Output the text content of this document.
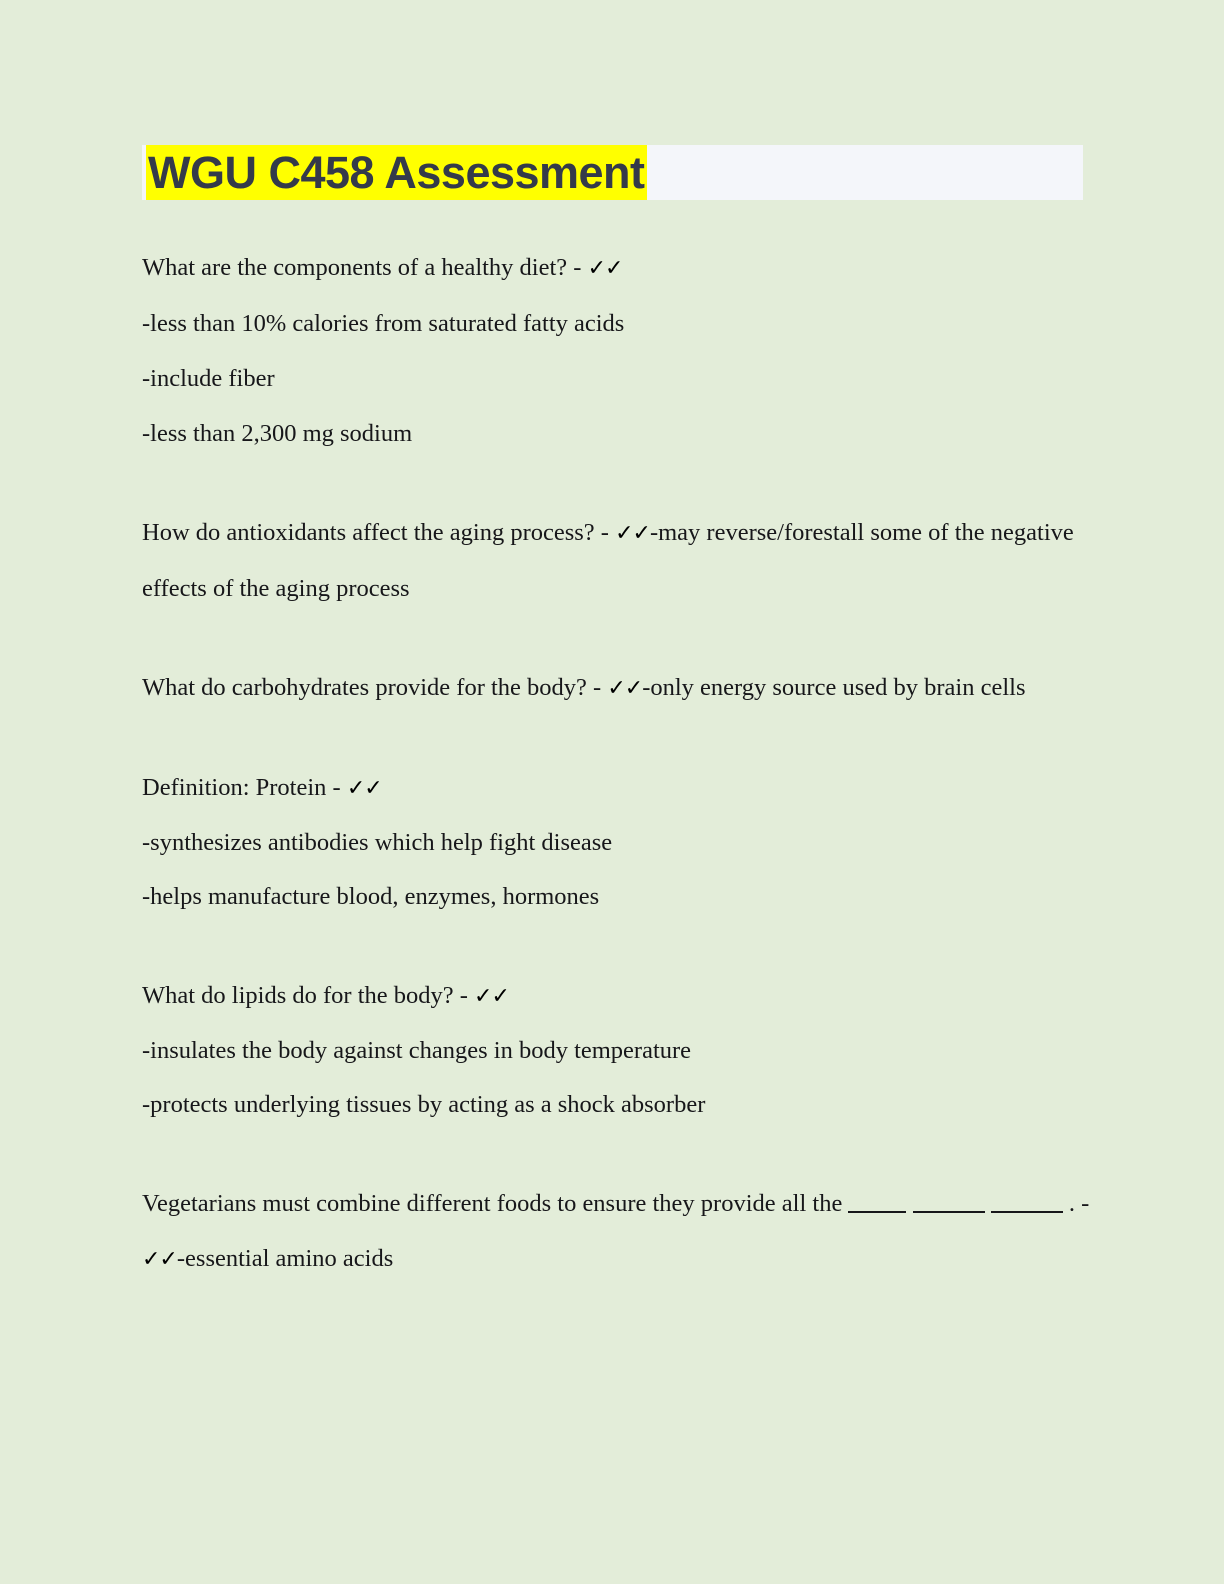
WGU C458 Assessment
What are the components of a healthy diet? - ✓✓
-less than 10% calories from saturated fatty acids
-include fiber
-less than 2,300 mg sodium
How do antioxidants affect the aging process? - ✓✓-may reverse/forestall some of the negative effects of the aging process
What do carbohydrates provide for the body? - ✓✓-only energy source used by brain cells
Definition: Protein - ✓✓
-synthesizes antibodies which help fight disease
-helps manufacture blood, enzymes, hormones
What do lipids do for the body? - ✓✓
-insulates the body against changes in body temperature
-protects underlying tissues by acting as a shock absorber
Vegetarians must combine different foods to ensure they provide all the	. - ✓✓-essential amino acids
